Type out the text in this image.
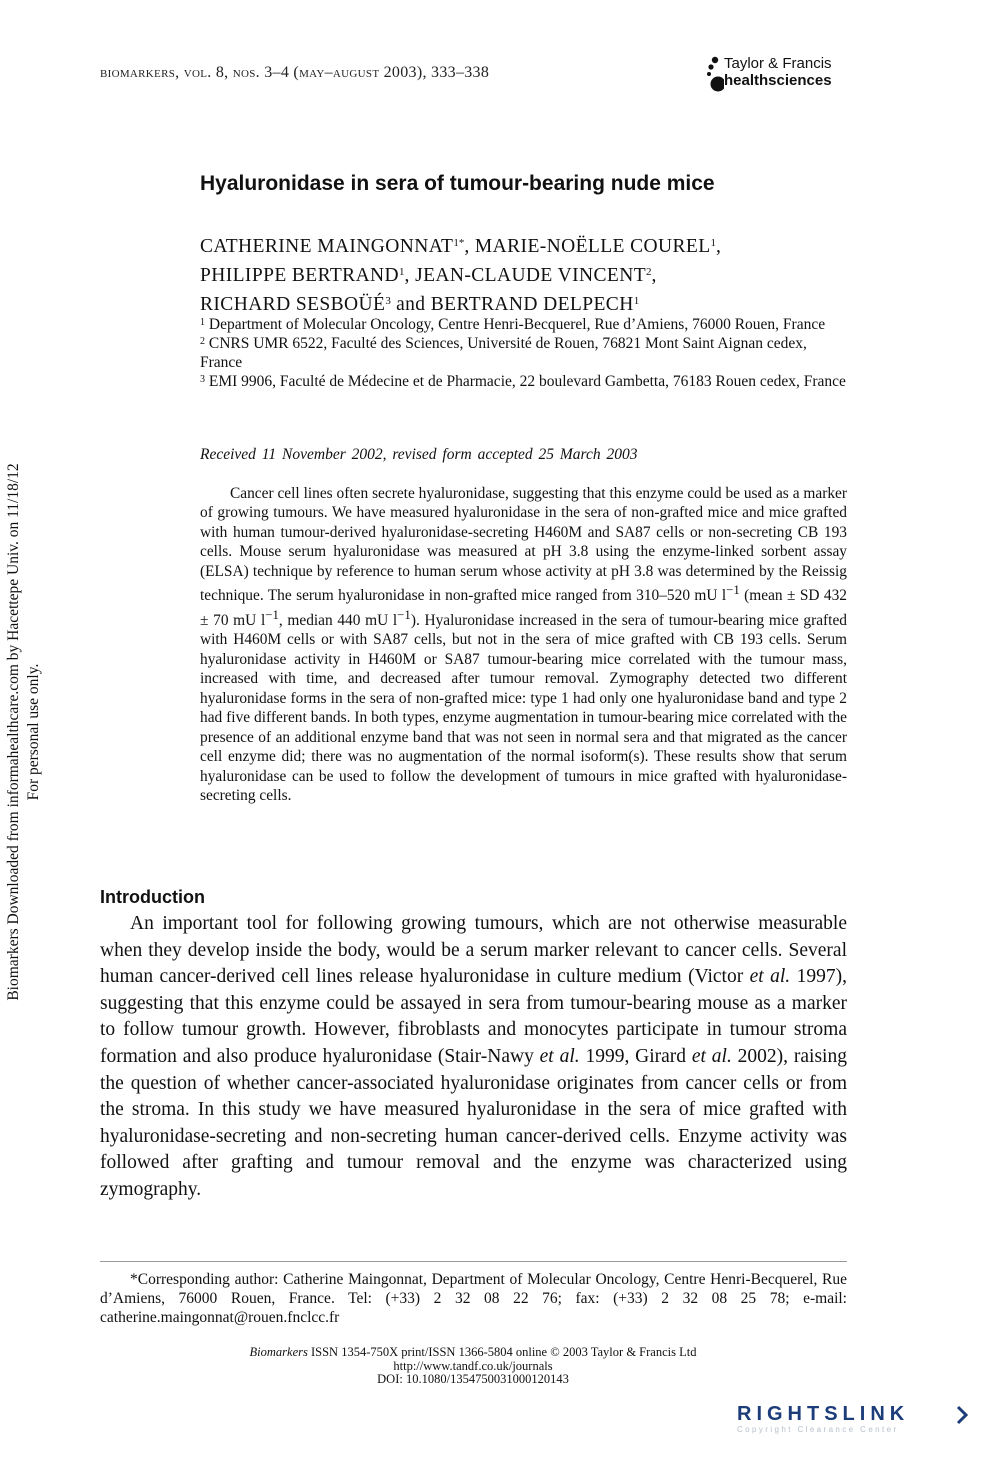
biomarkers, vol. 8, nos. 3–4 (may–august 2003), 333–338
Taylor & Francis
healthsciences
Biomarkers Downloaded from informahealthcare.com by Hacettepe Univ. on 11/18/12 For personal use only.
Hyaluronidase in sera of tumour-bearing nude mice
CATHERINE $MAINGONNAT^{1*}$, MARIE-NOËLLE COUREL$^1$,
PHILIPPE BERTRAND$^1$, JEAN-CLAUDE VINCENT$^2$,
RICHARD SESBOÜÉ$^3$ and BERTRAND DELPECH$^1$

$^1$ Department of Molecular Oncology, Centre Henri-Becquerel, Rue d’Amiens, 76000 Rouen, France

$^2$ CNRS UMR 6522, Faculté des Sciences, Université de Rouen, 76821 Mont Saint Aignan cedex, France

$^3$ EMI 9906, Faculté de Médecine et de Pharmacie, 22 boulevard Gambetta, 76183 Rouen cedex, France

Received 11 November 2002, revised form accepted 25 March 2003

Cancer cell lines often secrete hyaluronidase, suggesting that this enzyme could be used as a marker of growing tumours. We have measured hyaluronidase in the sera of non-grafted mice and mice grafted with human tumour-derived hyaluronidase-secreting H460M and SA87 cells or non-secreting CB 193 cells. Mouse serum hyaluronidase was measured at pH 3.8 using the enzyme-linked sorbent assay (ELSA) technique by reference to human serum whose activity at pH 3.8 was determined by the Reissig technique. The serum hyaluronidase in non-grafted mice ranged from 310–520 mU $l^{-1}$ (mean ± SD 432 ± 70 mU $l^{-1}$, median 440 mU $l^{-1}$). Hyaluronidase increased in the sera of tumour-bearing mice grafted with H460M cells or with SA87 cells, but not in the sera of mice grafted with CB 193 cells. Serum hyaluronidase activity in H460M or SA87 tumour-bearing mice correlated with the tumour mass, increased with time, and decreased after tumour removal. Zymography detected two different hyaluronidase forms in the sera of non-grafted mice: type 1 had only one hyaluronidase band and type 2 had five different bands. In both types, enzyme augmentation in tumour-bearing mice correlated with the presence of an additional enzyme band that was not seen in normal sera and that migrated as the cancer cell enzyme did; there was no augmentation of the normal isoform(s). These results show that serum hyaluronidase can be used to follow the development of tumours in mice grafted with hyaluronidase-secreting cells.

Introduction

An important tool for following growing tumours, which are not otherwise measurable when they develop inside the body, would be a serum marker relevant to cancer cells. Several human cancer-derived cell lines release hyaluronidase in culture medium (Victor et al. 1997), suggesting that this enzyme could be assayed in sera from tumour-bearing mouse as a marker to follow tumour growth. However, fibroblasts and monocytes participate in tumour stroma formation and also produce hyaluronidase (Stair-Nawy et al. 1999, Girard et al. 2002), raising the question of whether cancer-associated hyaluronidase originates from cancer cells or from the stroma. In this study we have measured hyaluronidase in the sera of mice grafted with hyaluronidase-secreting and non-secreting human cancer-derived cells. Enzyme activity was followed after grafting and tumour removal and the enzyme was characterized using zymography.

*Corresponding author: Catherine Maingonnat, Department of Molecular Oncology, Centre Henri-Becquerel, Rue d’Amiens, 76000 Rouen, France. Tel: (+33) 2 32 08 22 76; fax: (+33) 2 32 08 25 78; e-mail: catherine.maingonnat@rouen.fnclcc.fr

Biomarkers ISSN 1354-750X print/ISSN 1366-5804 online © 2003 Taylor & Francis Ltd
http://www.tandf.co.uk/journals
DOI: 10.1080/1354750031000120143
RIGHTSLINK
Copyright Clearance Center
